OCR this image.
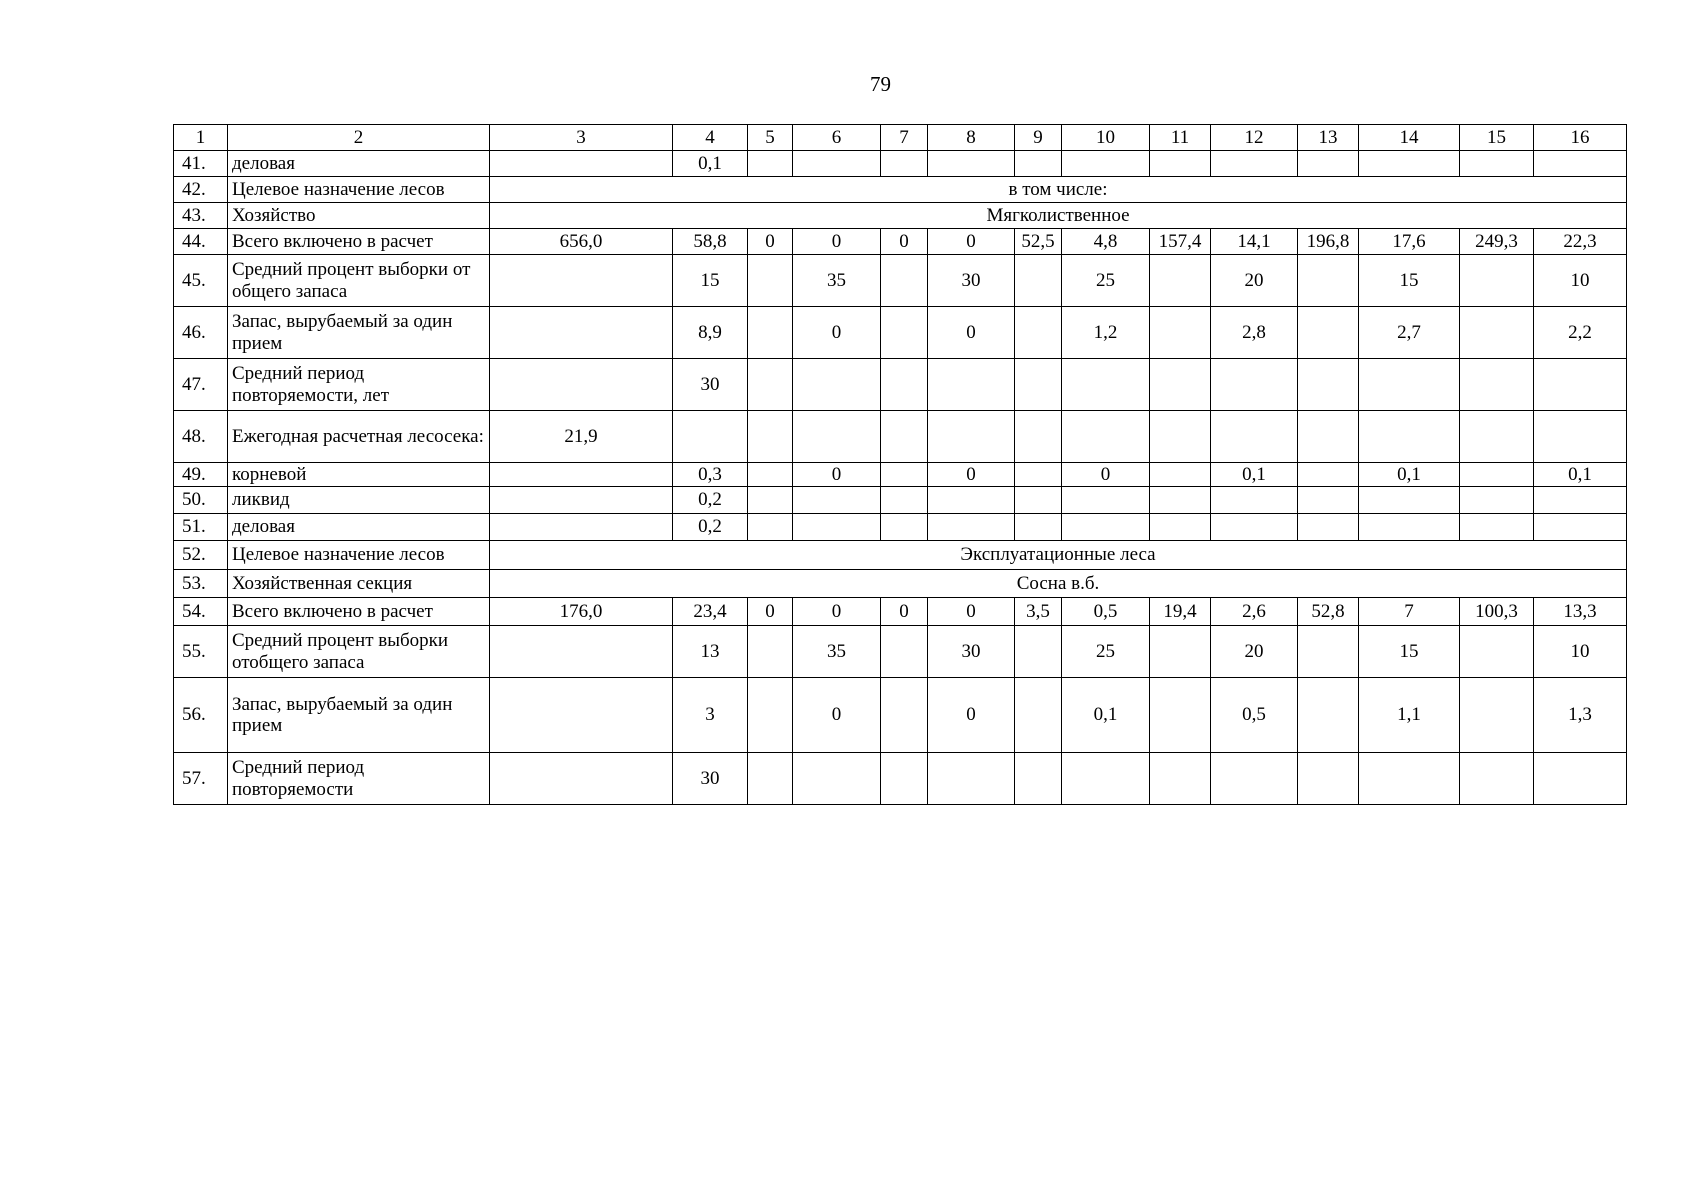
79
1	2	3	4	5	6	7	8	9	10	11	12	13	14	15	16
41.	деловая		0,1												
42.	Целевое назначение лесов	в том числе:													
43.	Хозяйство	Мягколиственное													
44.	Всего включено в расчет	656,0	58,8	0	0	0	0	52,5	4,8	157,4	14,1	196,8	17,6	249,3	22,3
45.	Средний процент выборки от общего запаса		15		35		30		25		20		15		10
46.	Запас, вырубаемый за один прием		8,9		0		0		1,2		2,8		2,7		2,2
47.	Средний период повторяемости, лет		30												
48.	Ежегодная расчетная лесосека:	21,9													
49.	корневой		0,3		0		0		0		0,1		0,1		0,1
50.	ликвид		0,2												
51.	деловая		0,2												
52.	Целевое назначение лесов	Эксплуатационные леса													
53.	Хозяйственная секция	Сосна в.б.													
54.	Всего включено в расчет	176,0	23,4	0	0	0	0	3,5	0,5	19,4	2,6	52,8	7	100,3	13,3
55.	Средний процент выборки отобщего запаса		13		35		30		25		20		15		10
56.	Запас, вырубаемый за один прием		3		0		0		0,1		0,5		1,1		1,3
57.	Средний период повторяемости		30												
